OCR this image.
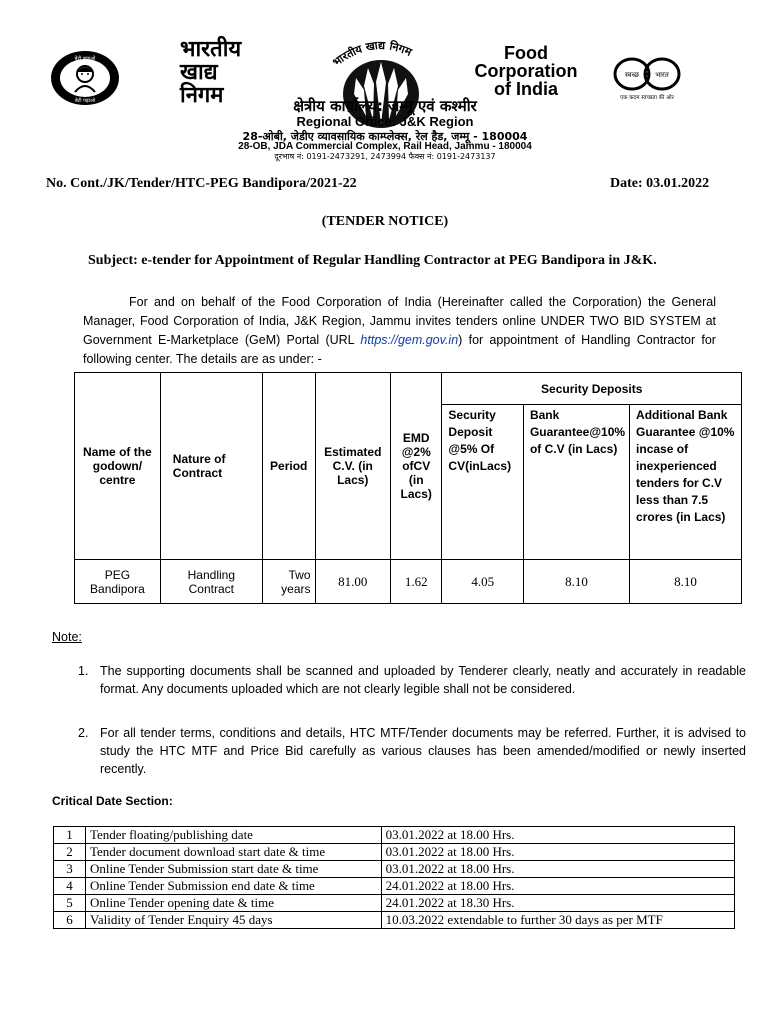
बेटी बचाओ
बेटी पढ़ाओ
भारतीय
खाद्य
निगम
भारतीय खाद्य निगम	Food
Corporation
of India
स्वच्छ भारत
एक कदम स्वच्छता की ओर
क्षेत्रीय कार्यालय: जम्मू एवं कश्मीर
Regional Office: J&K Region
28-ओबी, जेडीए व्यावसायिक काम्प्लेक्स, रेल हैड, जम्मू - 180004
28-OB, JDA Commercial Complex, Rail Head, Jammu - 180004
दूरभाष नं: 0191-2473291, 2473994 फैक्स नं: 0191-2473137
No. Cont./JK/Tender/HTC-PEG Bandipora/2021-22	Date: 03.01.2022
(TENDER NOTICE)
Subject: e-tender for Appointment of Regular Handling Contractor at PEG Bandipora in J&K.
For and on behalf of the Food Corporation of India (Hereinafter called the Corporation) the General Manager, Food Corporation of India, J&K Region, Jammu invites tenders online UNDER TWO BID SYSTEM at Government E-Marketplace (GeM) Portal (URL https://gem.gov.in) for appointment of Handling Contractor for following center. The details are as under: -
Name of the godown/ centre	Nature of Contract	Period	Estimated C.V. (in Lacs)	EMD @2% ofCV (in Lacs)	Security Deposits		
					Security Deposit @5% Of CV(inLacs)	Bank Guarantee@10% of C.V (in Lacs)	Additional Bank Guarantee @10% incase of inexperienced tenders for C.V less than 7.5 crores (in Lacs)
PEG Bandipora	Handling Contract	Two years	81.00	1.62	4.05	8.10	8.10
Note:
1. The supporting documents shall be scanned and uploaded by Tenderer clearly, neatly and accurately in readable format. Any documents uploaded which are not clearly legible shall not be considered.
2. For all tender terms, conditions and details, HTC MTF/Tender documents may be referred. Further, it is advised to study the HTC MTF and Price Bid carefully as various clauses has been amended/modified or newly inserted recently.
Critical Date Section:
1	Tender floating/publishing date	03.01.2022 at 18.00 Hrs.
2	Tender document download start date & time	03.01.2022 at 18.00 Hrs.
3	Online Tender Submission start date & time	03.01.2022 at 18.00 Hrs.
4	Online Tender Submission end date & time	24.01.2022 at 18.00 Hrs.
5	Online Tender opening date & time	24.01.2022 at 18.30 Hrs.
6	Validity of Tender Enquiry 45 days	10.03.2022 extendable to further 30 days as per MTF
